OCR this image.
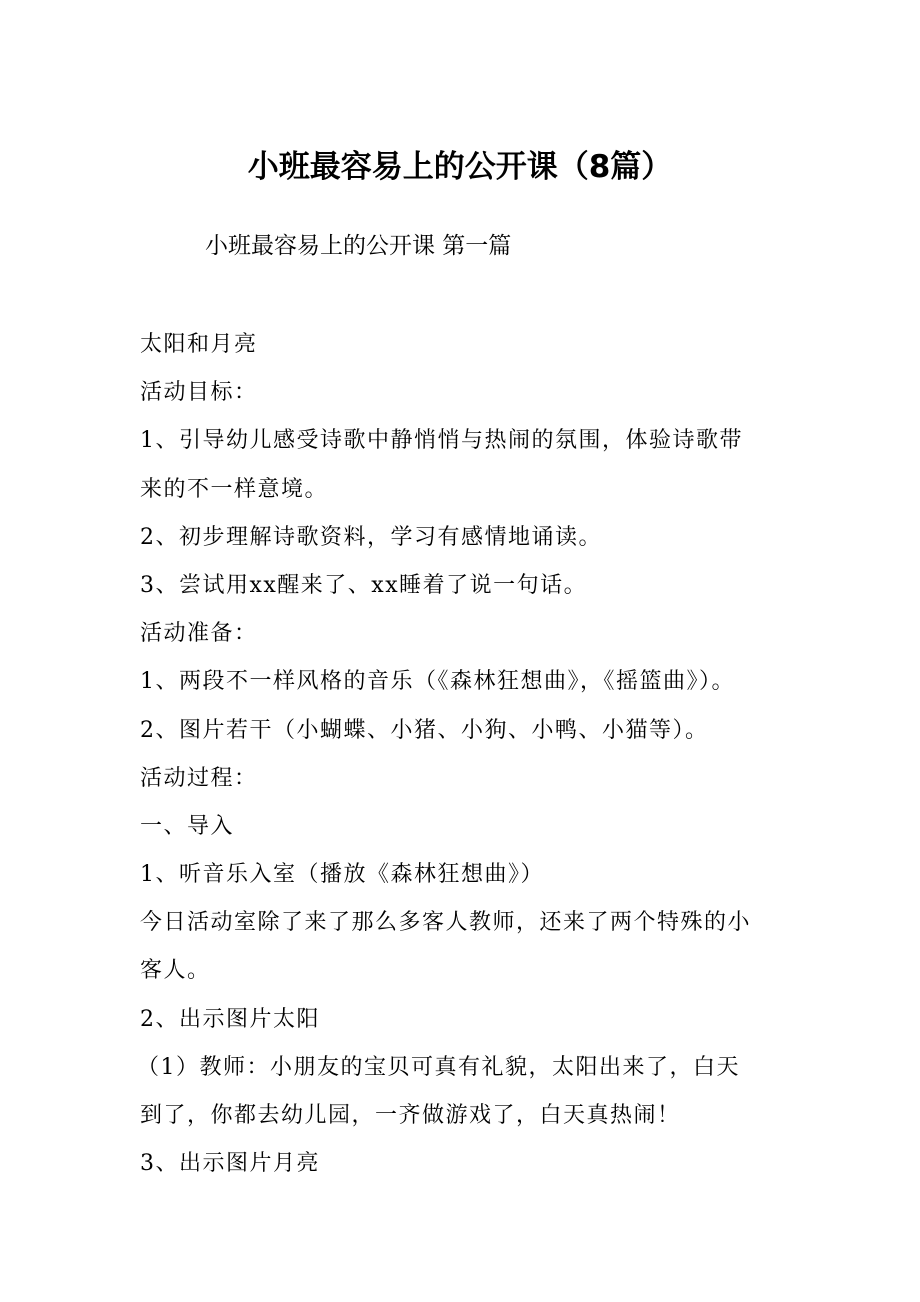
小班最容易上的公开课（8篇）

小班最容易上的公开课 第一篇

太阳和月亮

活动目标：

1、引导幼儿感受诗歌中静悄悄与热闹的氛围，体验诗歌带

来的不一样意境。

2、初步理解诗歌资料，学习有感情地诵读。

3、尝试用xx醒来了、xx睡着了说一句话。

活动准备：

1、两段不一样风格的音乐（《森林狂想曲》，《摇篮曲》）。

2、图片若干（小蝴蝶、小猪、小狗、小鸭、小猫等）。

活动过程：

一、导入

1、听音乐入室（播放《森林狂想曲》）

今日活动室除了来了那么多客人教师，还来了两个特殊的小

客人。

2、出示图片太阳

（1）教师：小朋友的宝贝可真有礼貌，太阳出来了，白天

到了，你都去幼儿园，一齐做游戏了，白天真热闹！

3、出示图片月亮
